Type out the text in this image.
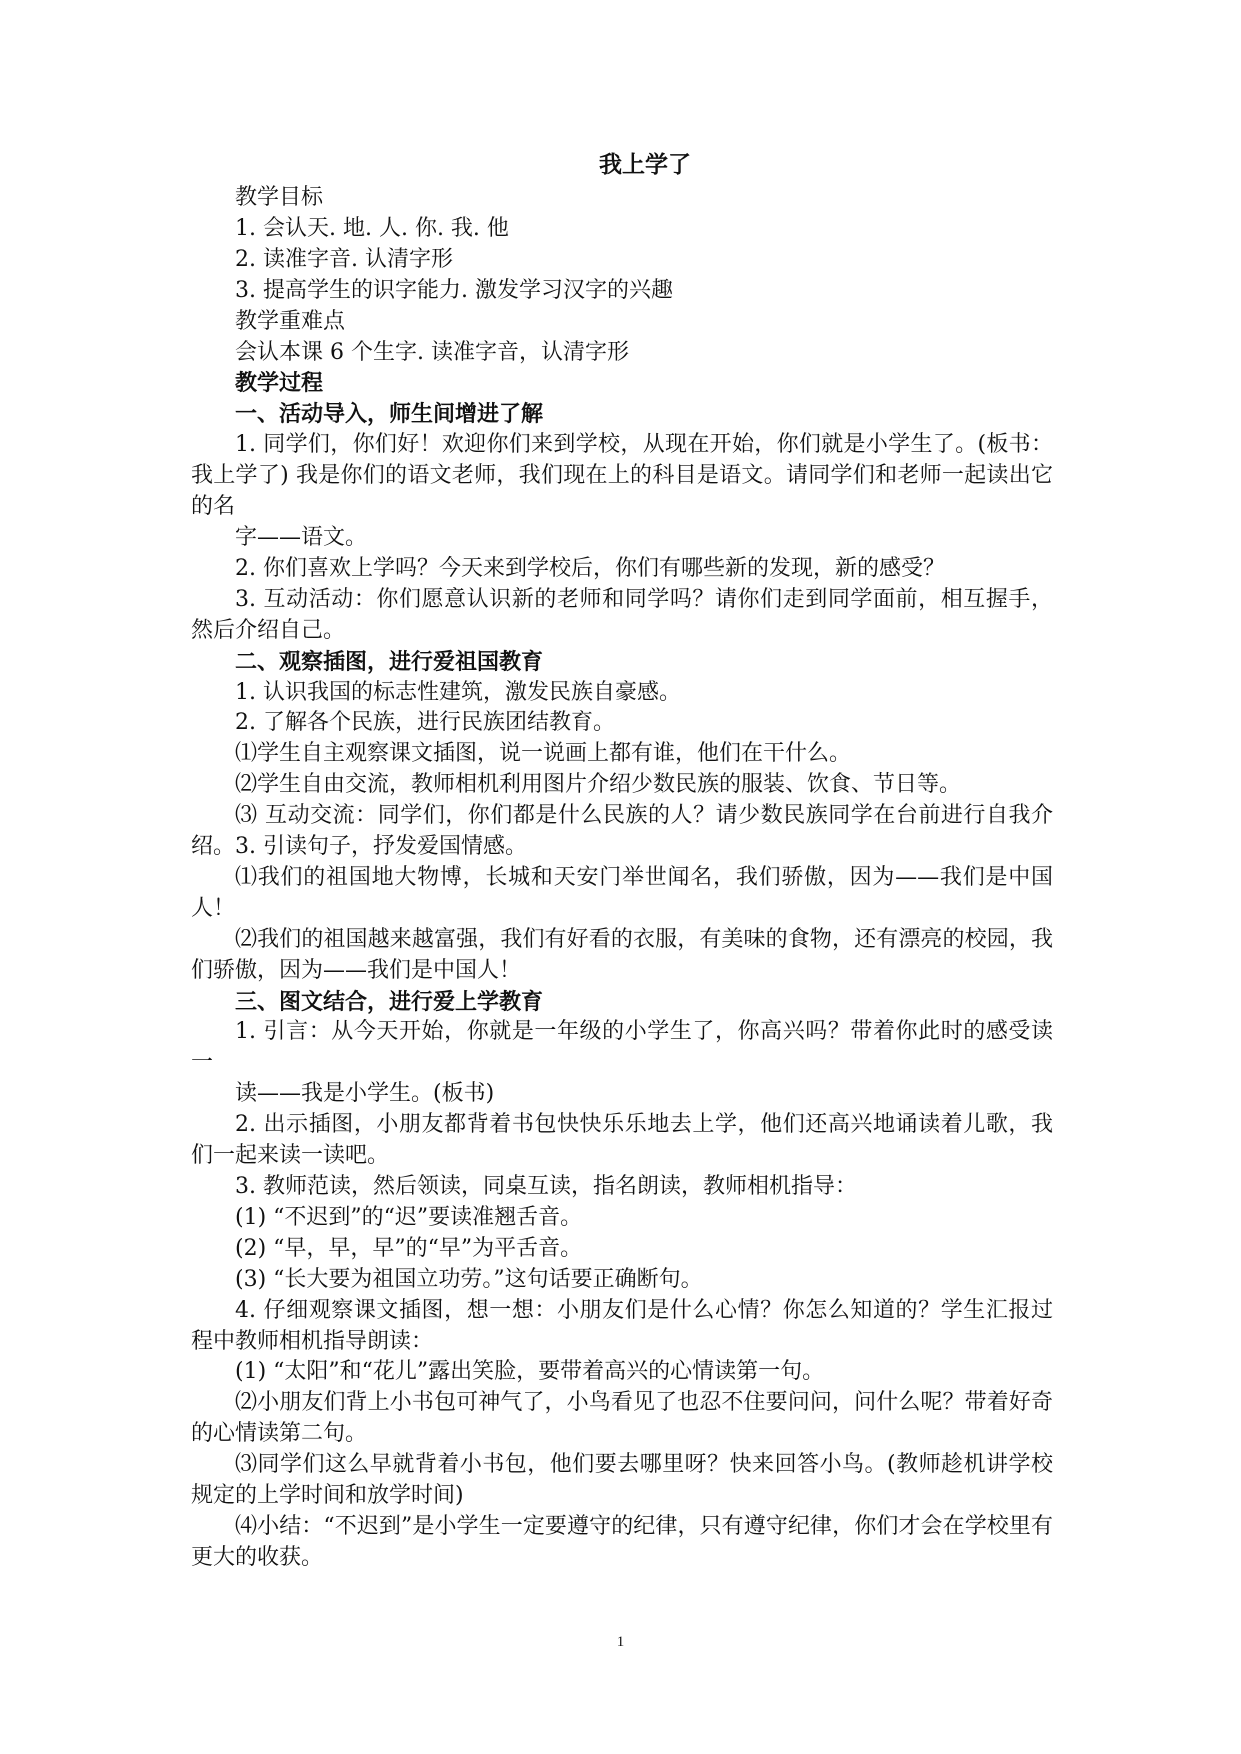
我上学了

教学目标

1. 会认天. 地. 人. 你. 我. 他

2. 读准字音. 认清字形

3. 提高学生的识字能力. 激发学习汉字的兴趣

教学重难点

会认本课 6 个生字. 读准字音，认清字形

教学过程

一、活动导入，师生间增进了解

1. 同学们，你们好！欢迎你们来到学校，从现在开始，你们就是小学生了。(板书：我上学了) 我是你们的语文老师，我们现在上的科目是语文。请同学们和老师一起读出它的名

字——语文。

2. 你们喜欢上学吗？今天来到学校后，你们有哪些新的发现，新的感受？

3. 互动活动：你们愿意认识新的老师和同学吗？请你们走到同学面前，相互握手，然后介绍自己。

二、观察插图，进行爱祖国教育

1. 认识我国的标志性建筑，激发民族自豪感。

2. 了解各个民族，进行民族团结教育。

⑴学生自主观察课文插图，说一说画上都有谁，他们在干什么。

⑵学生自由交流，教师相机利用图片介绍少数民族的服装、饮食、节日等。

⑶ 互动交流：同学们，你们都是什么民族的人？请少数民族同学在台前进行自我介绍。3. 引读句子，抒发爱国情感。

⑴我们的祖国地大物博，长城和天安门举世闻名，我们骄傲，因为——我们是中国人！

⑵我们的祖国越来越富强，我们有好看的衣服，有美味的食物，还有漂亮的校园，我们骄傲，因为——我们是中国人！

三、图文结合，进行爱上学教育

1. 引言：从今天开始，你就是一年级的小学生了，你高兴吗？带着你此时的感受读一

读——我是小学生。(板书)

2. 出示插图，小朋友都背着书包快快乐乐地去上学，他们还高兴地诵读着儿歌，我们一起来读一读吧。

3. 教师范读，然后领读，同桌互读，指名朗读，教师相机指导：

(1) “不迟到”的“迟”要读准翘舌音。

(2) “早，早，早”的“早”为平舌音。

(3) “长大要为祖国立功劳。”这句话要正确断句。

4. 仔细观察课文插图，想一想：小朋友们是什么心情？你怎么知道的？学生汇报过程中教师相机指导朗读：

(1) “太阳”和“花儿”露出笑脸，要带着高兴的心情读第一句。

⑵小朋友们背上小书包可神气了，小鸟看见了也忍不住要问问，问什么呢？带着好奇的心情读第二句。

⑶同学们这么早就背着小书包，他们要去哪里呀？快来回答小鸟。(教师趁机讲学校规定的上学时间和放学时间)

⑷小结：“不迟到”是小学生一定要遵守的纪律，只有遵守纪律，你们才会在学校里有更大的收获。

1
